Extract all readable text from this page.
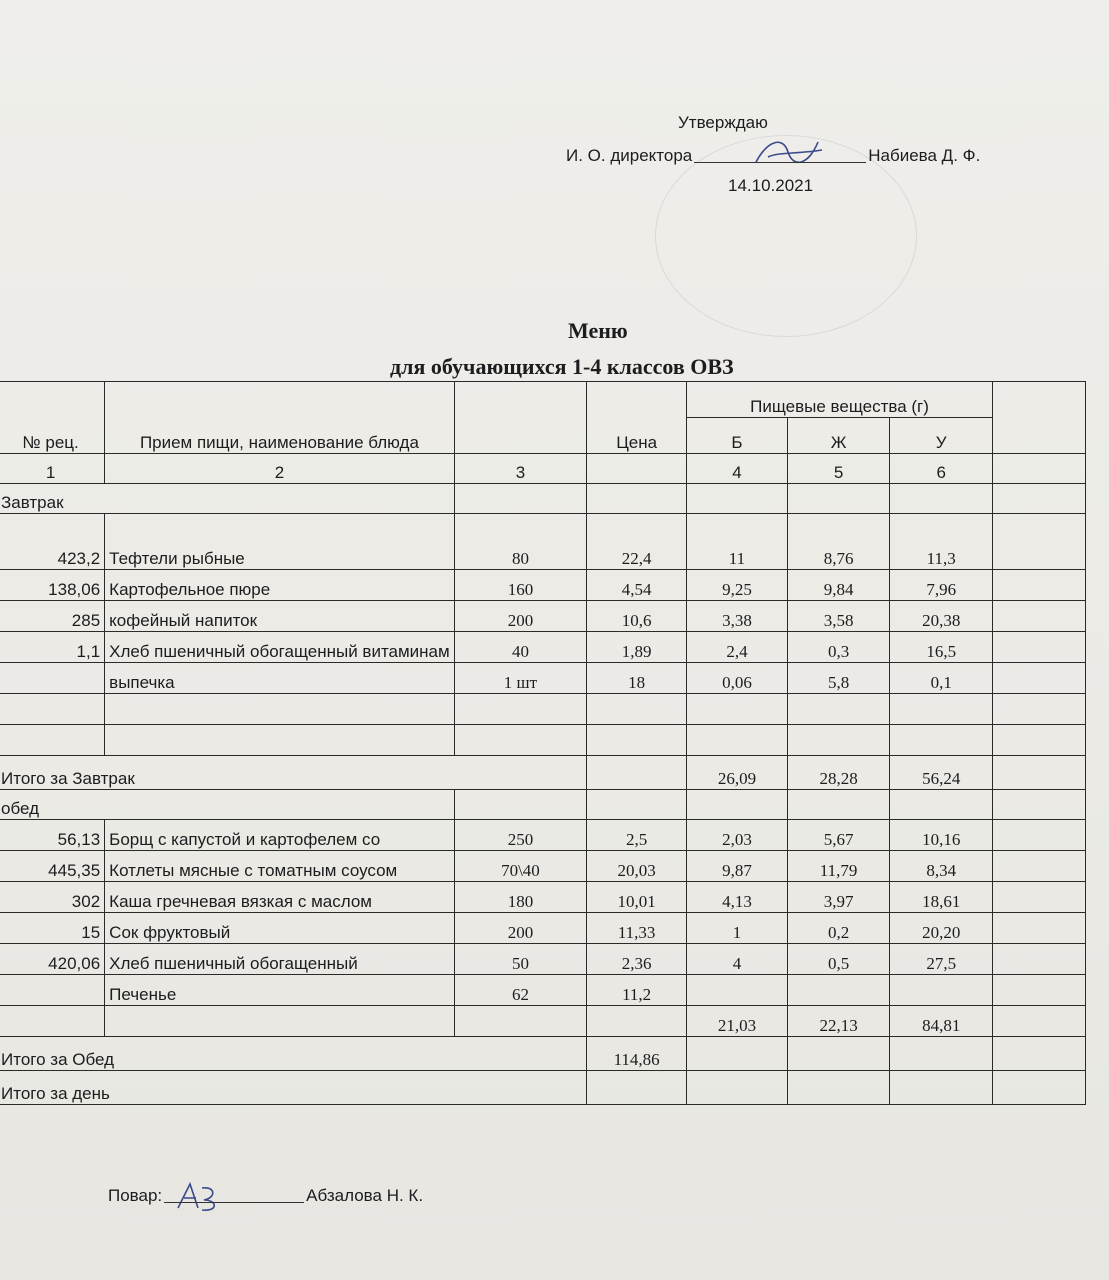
Утверждаю
И. О. директора	Набиева Д. Ф.
14.10.2021
Меню
для обучающихся 1-4 классов ОВЗ
№ рец.	Прием пищи, наименование блюда		Цена	Пищевые вещества (г)			
				Б	Ж	У	
1	2	3		4	5	6	
Завтрак							
423,2	Тефтели рыбные	80	22,4	11	8,76	11,3	
138,06	Картофельное пюре	160	4,54	9,25	9,84	7,96	
285	кофейный напиток	200	10,6	3,38	3,58	20,38	
1,1	Хлеб пшеничный обогащенный витаминам	40	1,89	2,4	0,3	16,5	
	выпечка	1 шт	18	0,06	5,8	0,1	

Итого за Завтрак				26,09	28,28	56,24	
обед							
56,13	Борщ с капустой и картофелем со	250	2,5	2,03	5,67	10,16	
445,35	Котлеты мясные с томатным соусом	70\40	20,03	9,87	11,79	8,34	
302	Каша гречневая вязкая с маслом	180	10,01	4,13	3,97	18,61	
15	Сок фруктовый	200	11,33	1	0,2	20,20	
420,06	Хлеб пшеничный обогащенный	50	2,36	4	0,5	27,5	
	Печенье	62	11,2				
				21,03	22,13	84,81	
Итого за Обед			114,86				
Итого за день							
Повар:	Абзалова Н. К.
